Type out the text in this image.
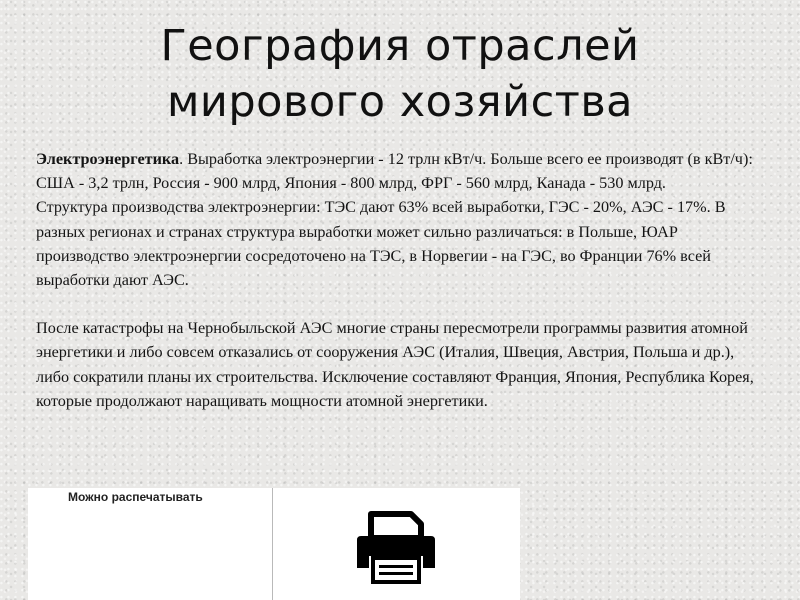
География отраслей
мирового хозяйства

Электроэнергетика. Выработка электроэнергии - 12 трлн кВт/ч. Больше всего ее производят (в кВт/ч): США - 3,2 трлн, Россия - 900 млрд, Япония - 800 млрд, ФРГ - 560 млрд, Канада - 530 млрд.

Структура производства электроэнергии: ТЭС дают 63% всей выработки, ГЭС - 20%, АЭС - 17%. В разных регионах и странах структура выработки может сильно различаться: в Польше, ЮАР производство электроэнергии сосредоточено на ТЭС, в Норвегии - на ГЭС, во Франции 76% всей выработки дают АЭС.

После катастрофы на Чернобыльской АЭС многие страны пересмотрели программы развития атомной энергетики и либо совсем отказались от сооружения АЭС (Италия, Швеция, Австрия, Польша и др.), либо сократили планы их строительства. Исключение составляют Франция, Япония, Республика Корея, которые продолжают наращивать мощности атомной энергетики.

Можно распечатывать
